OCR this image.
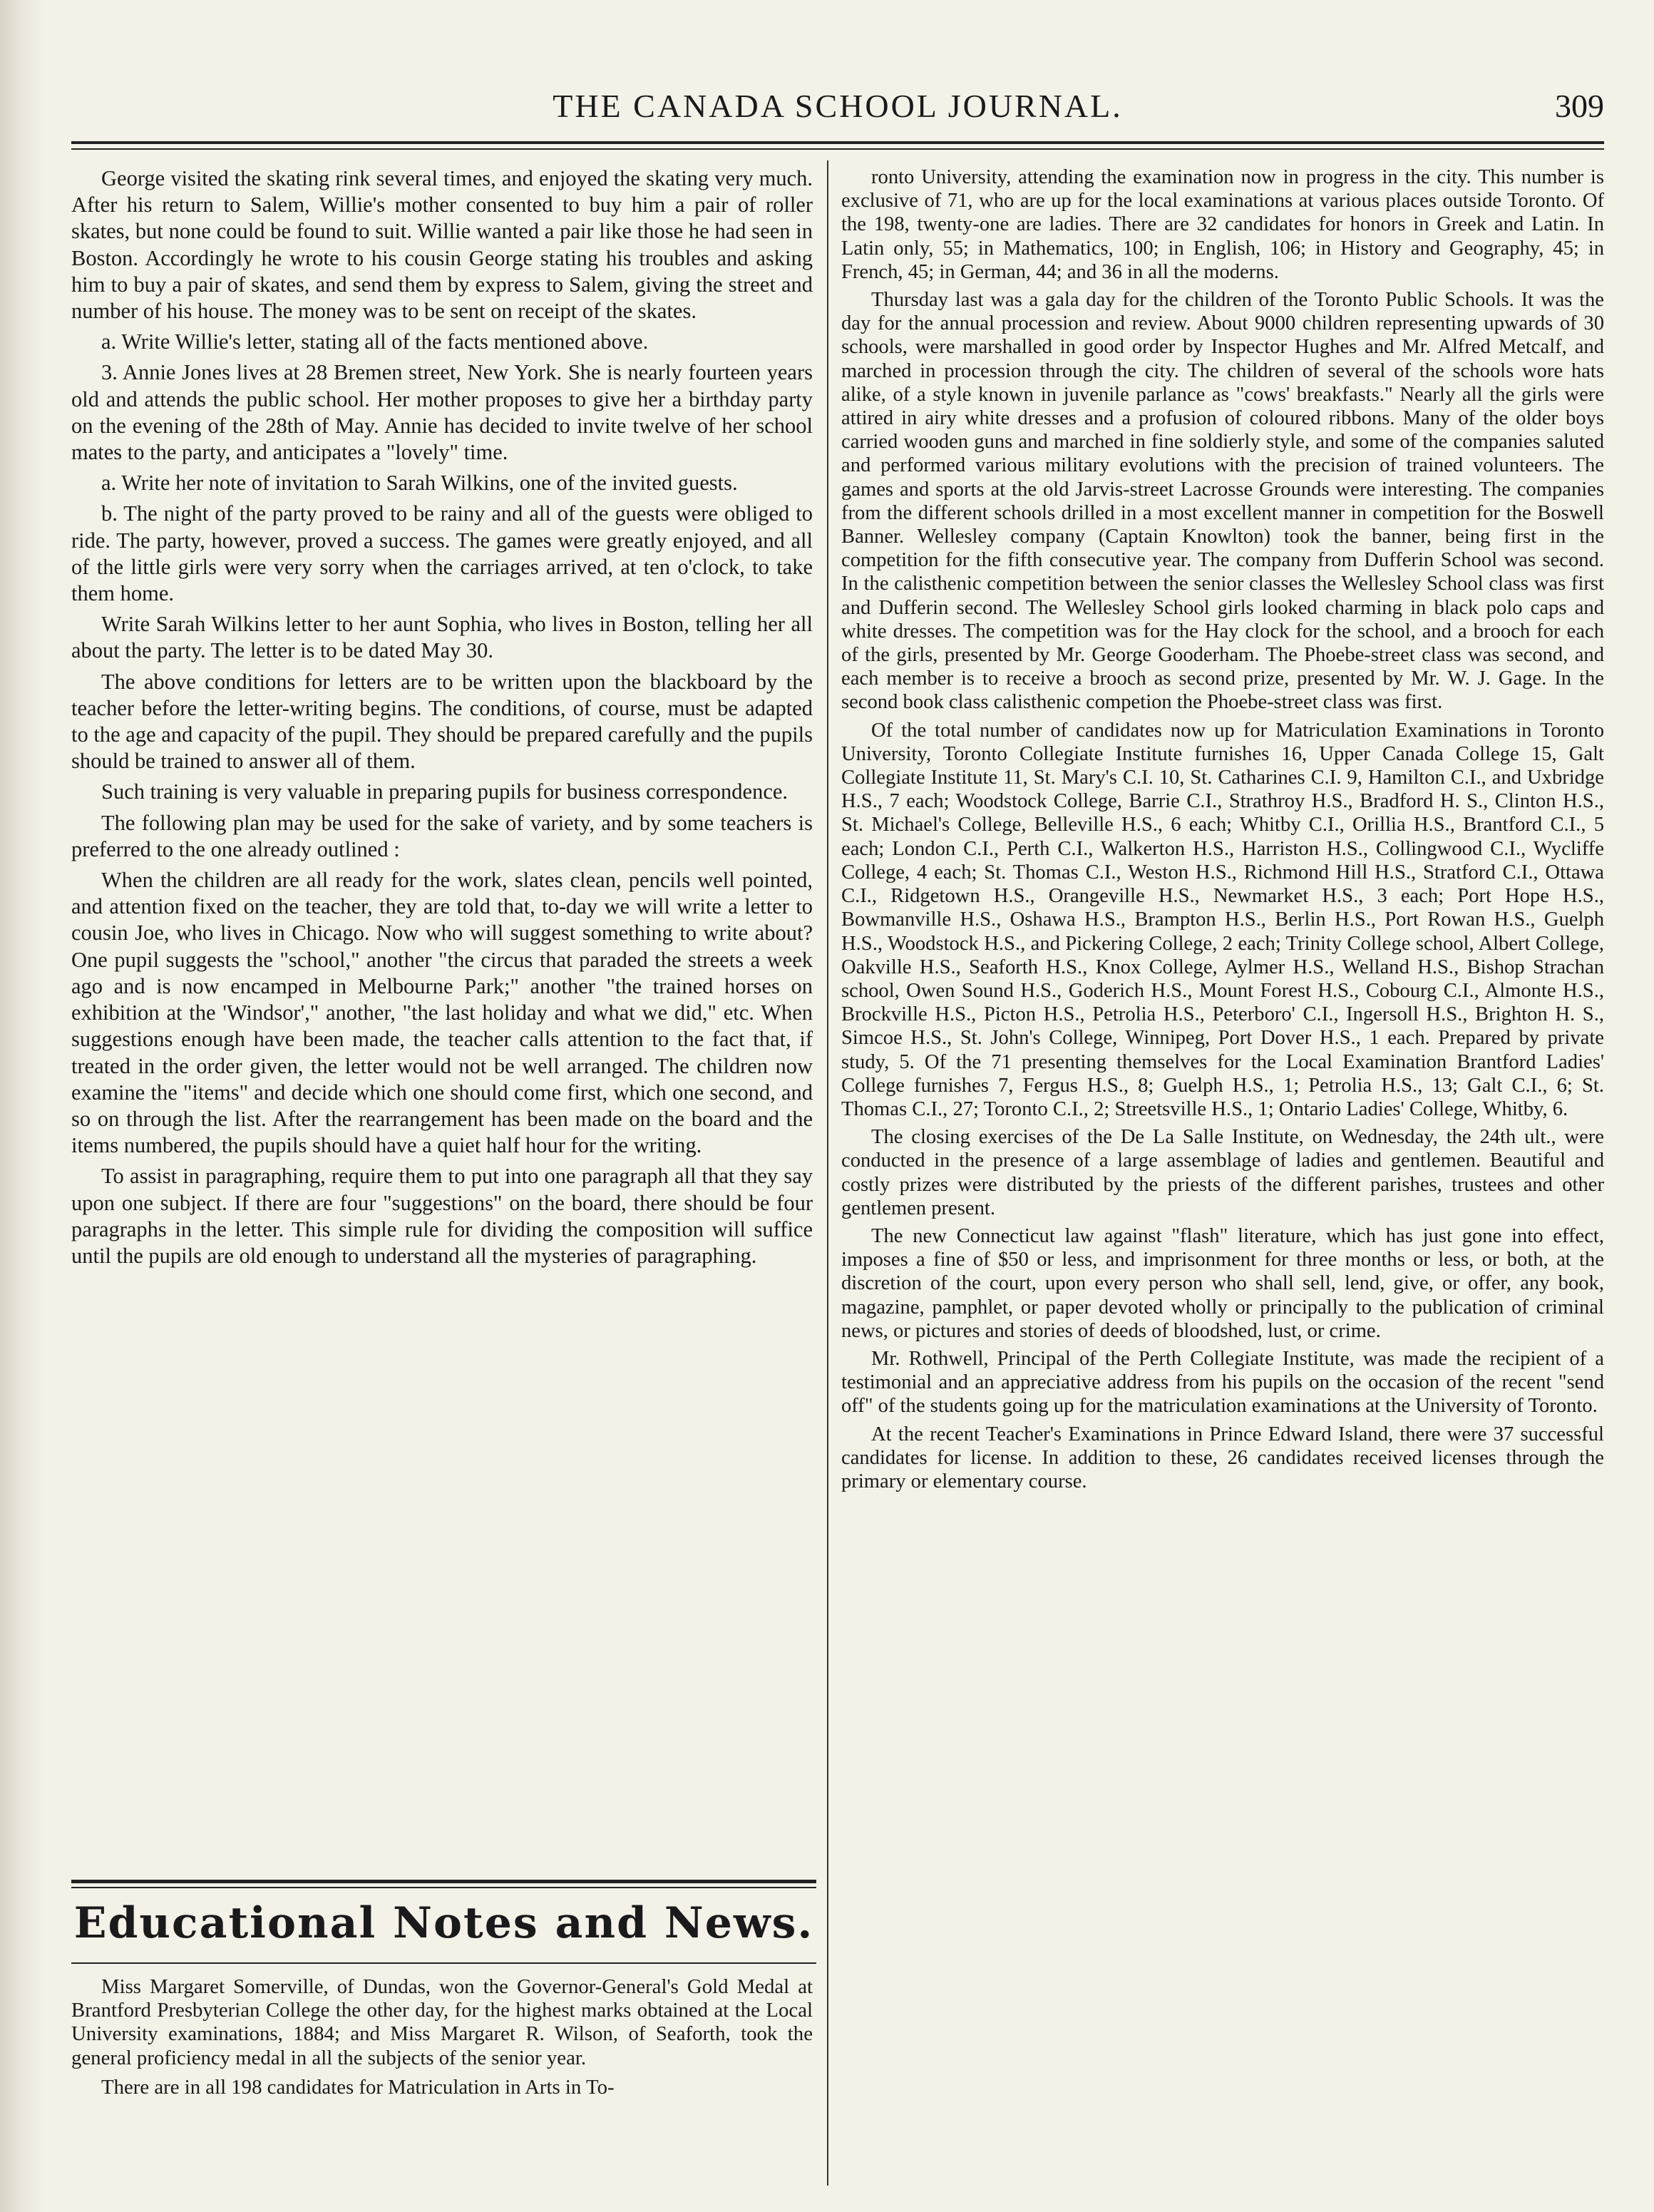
THE CANADA SCHOOL JOURNAL.	309

George visited the skating rink several times, and enjoyed the skating very much. After his return to Salem, Willie's mother consented to buy him a pair of roller skates, but none could be found to suit. Willie wanted a pair like those he had seen in Boston. Accordingly he wrote to his cousin George stating his troubles and asking him to buy a pair of skates, and send them by express to Salem, giving the street and number of his house. The money was to be sent on receipt of the skates.

a. Write Willie's letter, stating all of the facts mentioned above.

3. Annie Jones lives at 28 Bremen street, New York. She is nearly fourteen years old and attends the public school. Her mother proposes to give her a birthday party on the evening of the 28th of May. Annie has decided to invite twelve of her school mates to the party, and anticipates a "lovely" time.

a. Write her note of invitation to Sarah Wilkins, one of the invited guests.

b. The night of the party proved to be rainy and all of the guests were obliged to ride. The party, however, proved a success. The games were greatly enjoyed, and all of the little girls were very sorry when the carriages arrived, at ten o'clock, to take them home.

Write Sarah Wilkins letter to her aunt Sophia, who lives in Boston, telling her all about the party. The letter is to be dated May 30.

The above conditions for letters are to be written upon the blackboard by the teacher before the letter-writing begins. The conditions, of course, must be adapted to the age and capacity of the pupil. They should be prepared carefully and the pupils should be trained to answer all of them.

Such training is very valuable in preparing pupils for business correspondence.

The following plan may be used for the sake of variety, and by some teachers is preferred to the one already outlined :

When the children are all ready for the work, slates clean, pencils well pointed, and attention fixed on the teacher, they are told that, to-day we will write a letter to cousin Joe, who lives in Chicago. Now who will suggest something to write about? One pupil suggests the "school," another "the circus that paraded the streets a week ago and is now encamped in Melbourne Park;" another "the trained horses on exhibition at the 'Windsor'," another, "the last holiday and what we did," etc. When suggestions enough have been made, the teacher calls attention to the fact that, if treated in the order given, the letter would not be well arranged. The children now examine the "items" and decide which one should come first, which one second, and so on through the list. After the rearrangement has been made on the board and the items numbered, the pupils should have a quiet half hour for the writing.

To assist in paragraphing, require them to put into one paragraph all that they say upon one subject. If there are four "suggestions" on the board, there should be four paragraphs in the letter. This simple rule for dividing the composition will suffice until the pupils are old enough to understand all the mysteries of paragraphing.

Educational Notes and News.

Miss Margaret Somerville, of Dundas, won the Governor-General's Gold Medal at Brantford Presbyterian College the other day, for the highest marks obtained at the Local University examinations, 1884; and Miss Margaret R. Wilson, of Seaforth, took the general proficiency medal in all the subjects of the senior year.

There are in all 198 candidates for Matriculation in Arts in To-

ronto University, attending the examination now in progress in the city. This number is exclusive of 71, who are up for the local examinations at various places outside Toronto. Of the 198, twenty-one are ladies. There are 32 candidates for honors in Greek and Latin. In Latin only, 55; in Mathematics, 100; in English, 106; in History and Geography, 45; in French, 45; in German, 44; and 36 in all the moderns.

Thursday last was a gala day for the children of the Toronto Public Schools. It was the day for the annual procession and review. About 9000 children representing upwards of 30 schools, were marshalled in good order by Inspector Hughes and Mr. Alfred Metcalf, and marched in procession through the city. The children of several of the schools wore hats alike, of a style known in juvenile parlance as "cows' breakfasts." Nearly all the girls were attired in airy white dresses and a profusion of coloured ribbons. Many of the older boys carried wooden guns and marched in fine soldierly style, and some of the companies saluted and performed various military evolutions with the precision of trained volunteers. The games and sports at the old Jarvis-street Lacrosse Grounds were interesting. The companies from the different schools drilled in a most excellent manner in competition for the Boswell Banner. Wellesley company (Captain Knowlton) took the banner, being first in the competition for the fifth consecutive year. The company from Dufferin School was second. In the calisthenic competition between the senior classes the Wellesley School class was first and Dufferin second. The Wellesley School girls looked charming in black polo caps and white dresses. The competition was for the Hay clock for the school, and a brooch for each of the girls, presented by Mr. George Gooderham. The Phoebe-street class was second, and each member is to receive a brooch as second prize, presented by Mr. W. J. Gage. In the second book class calisthenic competion the Phoebe-street class was first.

Of the total number of candidates now up for Matriculation Examinations in Toronto University, Toronto Collegiate Institute furnishes 16, Upper Canada College 15, Galt Collegiate Institute 11, St. Mary's C.I. 10, St. Catharines C.I. 9, Hamilton C.I., and Uxbridge H.S., 7 each; Woodstock College, Barrie C.I., Strathroy H.S., Bradford H. S., Clinton H.S., St. Michael's College, Belleville H.S., 6 each; Whitby C.I., Orillia H.S., Brantford C.I., 5 each; London C.I., Perth C.I., Walkerton H.S., Harriston H.S., Collingwood C.I., Wycliffe College, 4 each; St. Thomas C.I., Weston H.S., Richmond Hill H.S., Stratford C.I., Ottawa C.I., Ridgetown H.S., Orangeville H.S., Newmarket H.S., 3 each; Port Hope H.S., Bowmanville H.S., Oshawa H.S., Brampton H.S., Berlin H.S., Port Rowan H.S., Guelph H.S., Woodstock H.S., and Pickering College, 2 each; Trinity College school, Albert College, Oakville H.S., Seaforth H.S., Knox College, Aylmer H.S., Welland H.S., Bishop Strachan school, Owen Sound H.S., Goderich H.S., Mount Forest H.S., Cobourg C.I., Almonte H.S., Brockville H.S., Picton H.S., Petrolia H.S., Peterboro' C.I., Ingersoll H.S., Brighton H. S., Simcoe H.S., St. John's College, Winnipeg, Port Dover H.S., 1 each. Prepared by private study, 5. Of the 71 presenting themselves for the Local Examination Brantford Ladies' College furnishes 7, Fergus H.S., 8; Guelph H.S., 1; Petrolia H.S., 13; Galt C.I., 6; St. Thomas C.I., 27; Toronto C.I., 2; Streetsville H.S., 1; Ontario Ladies' College, Whitby, 6.

The closing exercises of the De La Salle Institute, on Wednesday, the 24th ult., were conducted in the presence of a large assemblage of ladies and gentlemen. Beautiful and costly prizes were distributed by the priests of the different parishes, trustees and other gentlemen present.

The new Connecticut law against "flash" literature, which has just gone into effect, imposes a fine of $50 or less, and imprisonment for three months or less, or both, at the discretion of the court, upon every person who shall sell, lend, give, or offer, any book, magazine, pamphlet, or paper devoted wholly or principally to the publication of criminal news, or pictures and stories of deeds of bloodshed, lust, or crime.

Mr. Rothwell, Principal of the Perth Collegiate Institute, was made the recipient of a testimonial and an appreciative address from his pupils on the occasion of the recent "send off" of the students going up for the matriculation examinations at the University of Toronto.

At the recent Teacher's Examinations in Prince Edward Island, there were 37 successful candidates for license. In addition to these, 26 candidates received licenses through the primary or elementary course.
